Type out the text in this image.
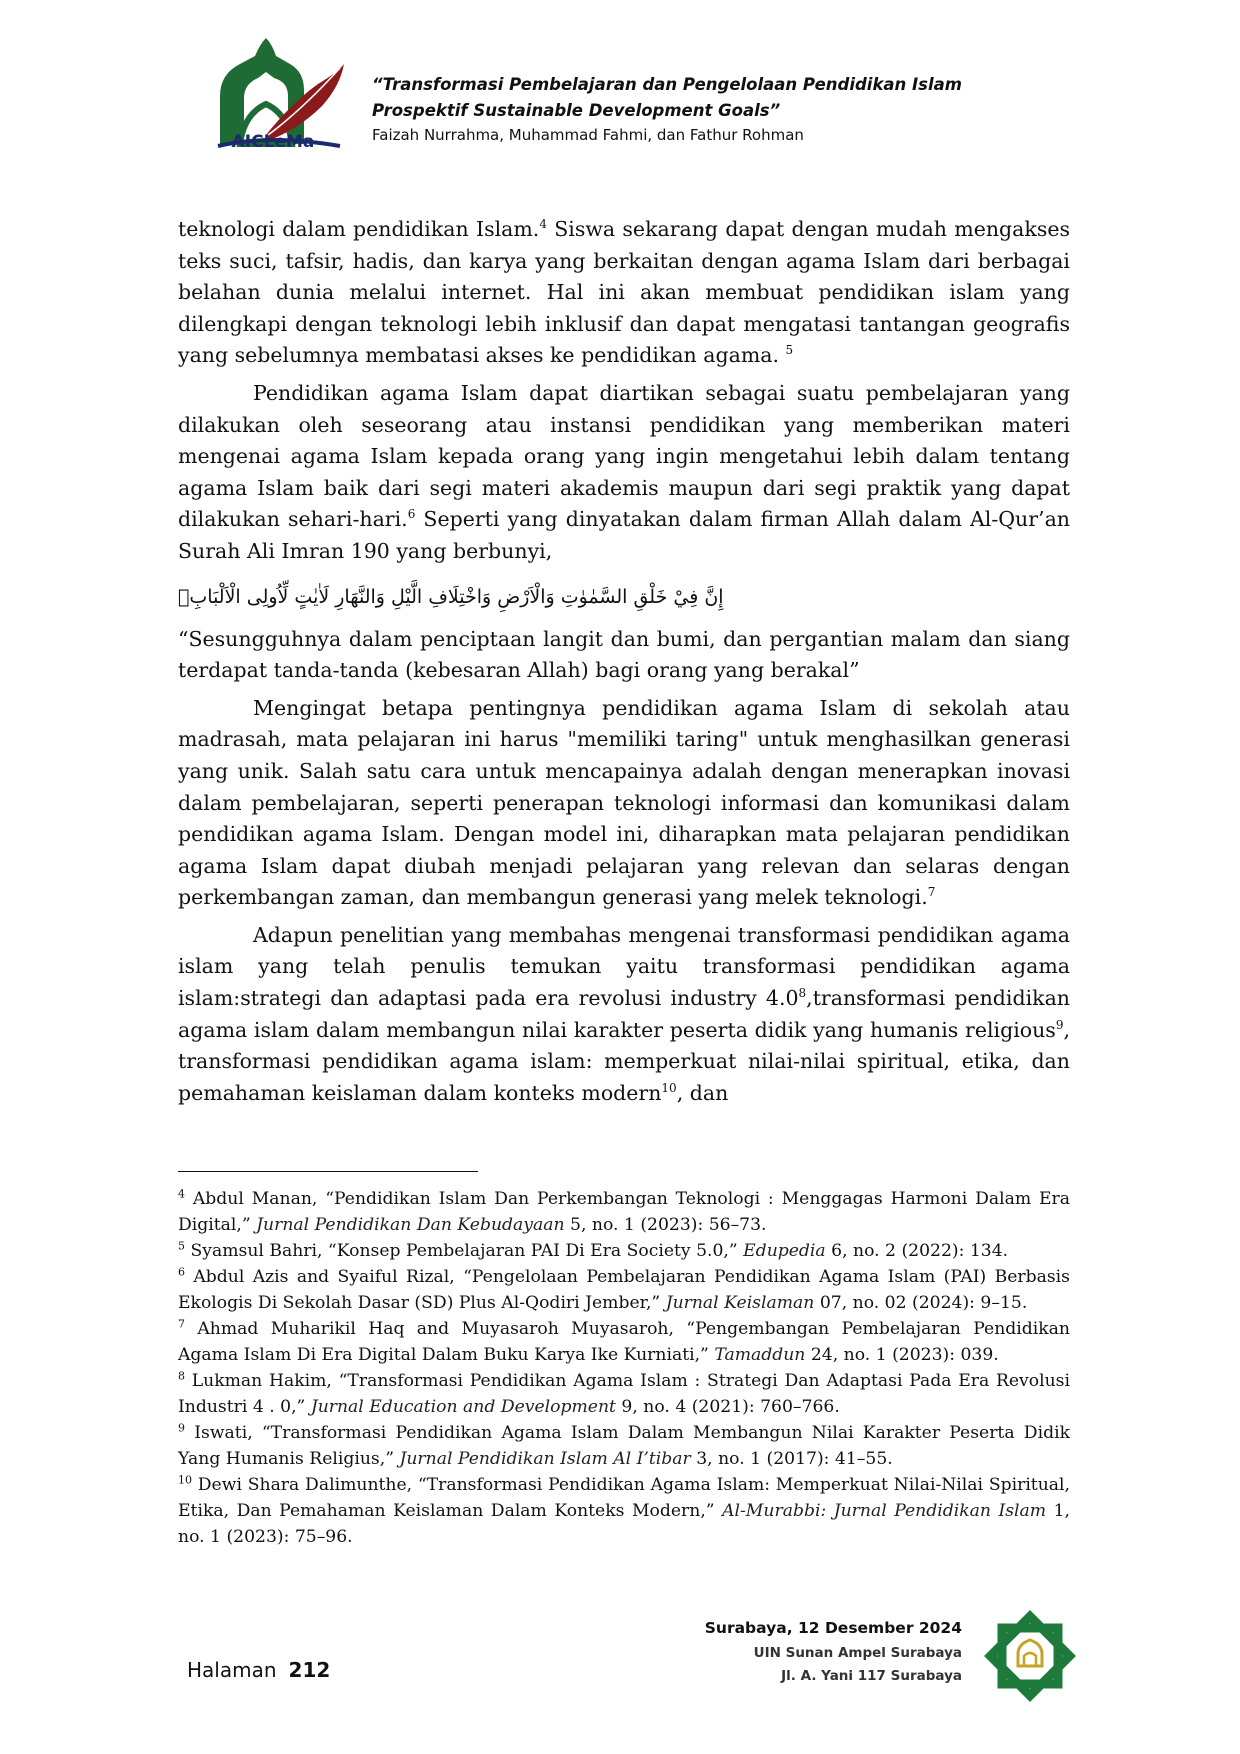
AICLeMa
“Transformasi Pembelajaran dan Pengelolaan Pendidikan Islam
Prospektif Sustainable Development Goals”
Faizah Nurrahma, Muhammad Fahmi, dan Fathur Rohman

teknologi dalam pendidikan Islam.$^4$ Siswa sekarang dapat dengan mudah mengakses teks suci, tafsir, hadis, dan karya yang berkaitan dengan agama Islam dari berbagai belahan dunia melalui internet. Hal ini akan membuat pendidikan islam yang dilengkapi dengan teknologi lebih inklusif dan dapat mengatasi tantangan geografis yang sebelumnya membatasi akses ke pendidikan agama. $^5$

Pendidikan agama Islam dapat diartikan sebagai suatu pembelajaran yang dilakukan oleh seseorang atau instansi pendidikan yang memberikan materi mengenai agama Islam kepada orang yang ingin mengetahui lebih dalam tentang agama Islam baik dari segi materi akademis maupun dari segi praktik yang dapat dilakukan sehari-hari.$^6$ Seperti yang dinyatakan dalam firman Allah dalam Al-Qur’an Surah Ali Imran 190 yang berbunyi,

إِنَّ فِيْ خَلْقِ السَّمٰوٰتِ وَالْاَرْضِ وَاخْتِلَافِ الَّيْلِ وَالنَّهَارِ لَاٰيٰتٍ لِّاُولِى الْاَلْبَابِۙ

“Sesungguhnya dalam penciptaan langit dan bumi, dan pergantian malam dan siang terdapat tanda-tanda (kebesaran Allah) bagi orang yang berakal”

Mengingat betapa pentingnya pendidikan agama Islam di sekolah atau madrasah, mata pelajaran ini harus "memiliki taring" untuk menghasilkan generasi yang unik. Salah satu cara untuk mencapainya adalah dengan menerapkan inovasi dalam pembelajaran, seperti penerapan teknologi informasi dan komunikasi dalam pendidikan agama Islam. Dengan model ini, diharapkan mata pelajaran pendidikan agama Islam dapat diubah menjadi pelajaran yang relevan dan selaras dengan perkembangan zaman, dan membangun generasi yang melek teknologi.$^7$

Adapun penelitian yang membahas mengenai transformasi pendidikan agama islam yang telah penulis temukan yaitu transformasi pendidikan agama islam:strategi dan adaptasi pada era revolusi industry $4.0^8,transformasi$ pendidikan agama islam dalam membangun nilai karakter peserta didik yang humanis religious$^9$, transformasi pendidikan agama islam: memperkuat nilai-nilai spiritual, etika, dan pemahaman keislaman dalam konteks modern$^{10}$, dan

$^4$ Abdul Manan, “Pendidikan Islam Dan Perkembangan Teknologi : Menggagas Harmoni Dalam Era Digital,” Jurnal Pendidikan Dan Kebudayaan 5, no. 1 (2023): 56–73.

$^5$ Syamsul Bahri, “Konsep Pembelajaran PAI Di Era Society 5.0,” Edupedia 6, no. 2 (2022): 134.

$^6$ Abdul Azis and Syaiful Rizal, “Pengelolaan Pembelajaran Pendidikan Agama Islam (PAI) Berbasis Ekologis Di Sekolah Dasar (SD) Plus Al-Qodiri Jember,” Jurnal Keislaman 07, no. 02 (2024): 9–15.

$^7$ Ahmad Muharikil Haq and Muyasaroh Muyasaroh, “Pengembangan Pembelajaran Pendidikan Agama Islam Di Era Digital Dalam Buku Karya Ike Kurniati,” Tamaddun 24, no. 1 (2023): 039.

$^8$ Lukman Hakim, “Transformasi Pendidikan Agama Islam : Strategi Dan Adaptasi Pada Era Revolusi Industri 4 . 0,” Jurnal Education and Development 9, no. 4 (2021): 760–766.

$^9$ Iswati, “Transformasi Pendidikan Agama Islam Dalam Membangun Nilai Karakter Peserta Didik Yang Humanis Religius,” Jurnal Pendidikan Islam Al I’tibar 3, no. 1 (2017): 41–55.

$^{10}$ Dewi Shara Dalimunthe, “Transformasi Pendidikan Agama Islam: Memperkuat Nilai-Nilai Spiritual, Etika, Dan Pemahaman Keislaman Dalam Konteks Modern,” Al-Murabbi: Jurnal Pendidikan Islam 1, no. 1 (2023): 75–96.

Halaman 212
Surabaya, 12 Desember 2024
UIN Sunan Ampel Surabaya
Jl. A. Yani 117 Surabaya
